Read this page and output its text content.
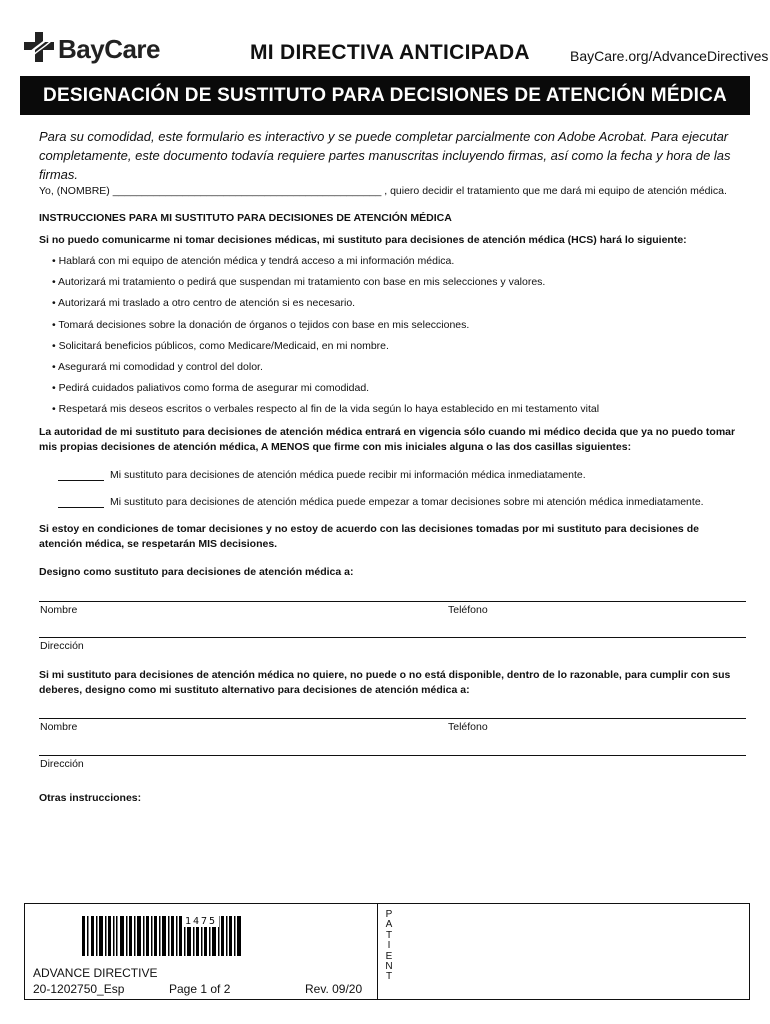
BayCare	MI DIRECTIVA ANTICIPADA	BayCare.org/AdvanceDirectives
DESIGNACIÓN DE SUSTITUTO PARA DECISIONES DE ATENCIÓN MÉDICA
Para su comodidad, este formulario es interactivo y se puede completar parcialmente con Adobe Acrobat. Para ejecutar completamente, este documento todavía requiere partes manuscritas incluyendo firmas, así como la fecha y hora de las firmas.
Yo, (NOMBRE) ______________________________________________ , quiero decidir el tratamiento que me dará mi equipo de atención médica.
INSTRUCCIONES PARA MI SUSTITUTO PARA DECISIONES DE ATENCIÓN MÉDICA
Si no puedo comunicarme ni tomar decisiones médicas, mi sustituto para decisiones de atención médica (HCS) hará lo siguiente:
• Hablará con mi equipo de atención médica y tendrá acceso a mi información médica.
• Autorizará mi tratamiento o pedirá que suspendan mi tratamiento con base en mis selecciones y valores.
• Autorizará mi traslado a otro centro de atención si es necesario.
• Tomará decisiones sobre la donación de órganos o tejidos con base en mis selecciones.
• Solicitará beneficios públicos, como Medicare/Medicaid, en mi nombre.
• Asegurará mi comodidad y control del dolor.
• Pedirá cuidados paliativos como forma de asegurar mi comodidad.
• Respetará mis deseos escritos o verbales respecto al fin de la vida según lo haya establecido en mi testamento vital
La autoridad de mi sustituto para decisiones de atención médica entrará en vigencia sólo cuando mi médico decida que ya no puedo tomar mis propias decisiones de atención médica, A MENOS que firme con mis iniciales alguna o las dos casillas siguientes:
Mi sustituto para decisiones de atención médica puede recibir mi información médica inmediatamente.
Mi sustituto para decisiones de atención médica puede empezar a tomar decisiones sobre mi atención médica inmediatamente.
Si estoy en condiciones de tomar decisiones y no estoy de acuerdo con las decisiones tomadas por mi sustituto para decisiones de atención médica, se respetarán MIS decisiones.
Designo como sustituto para decisiones de atención médica a:
Nombre	Teléfono
Dirección
Si mi sustituto para decisiones de atención médica no quiere, no puede o no está disponible, dentro de lo razonable, para cumplir con sus deberes, designo como mi sustituto alternativo para decisiones de atención médica a:
Nombre	Teléfono
Dirección
Otras instrucciones:
1475
ADVANCE DIRECTIVE
20-1202750_Esp	Page 1 of 2	Rev. 09/20
P
A
T
I
E
N
T
